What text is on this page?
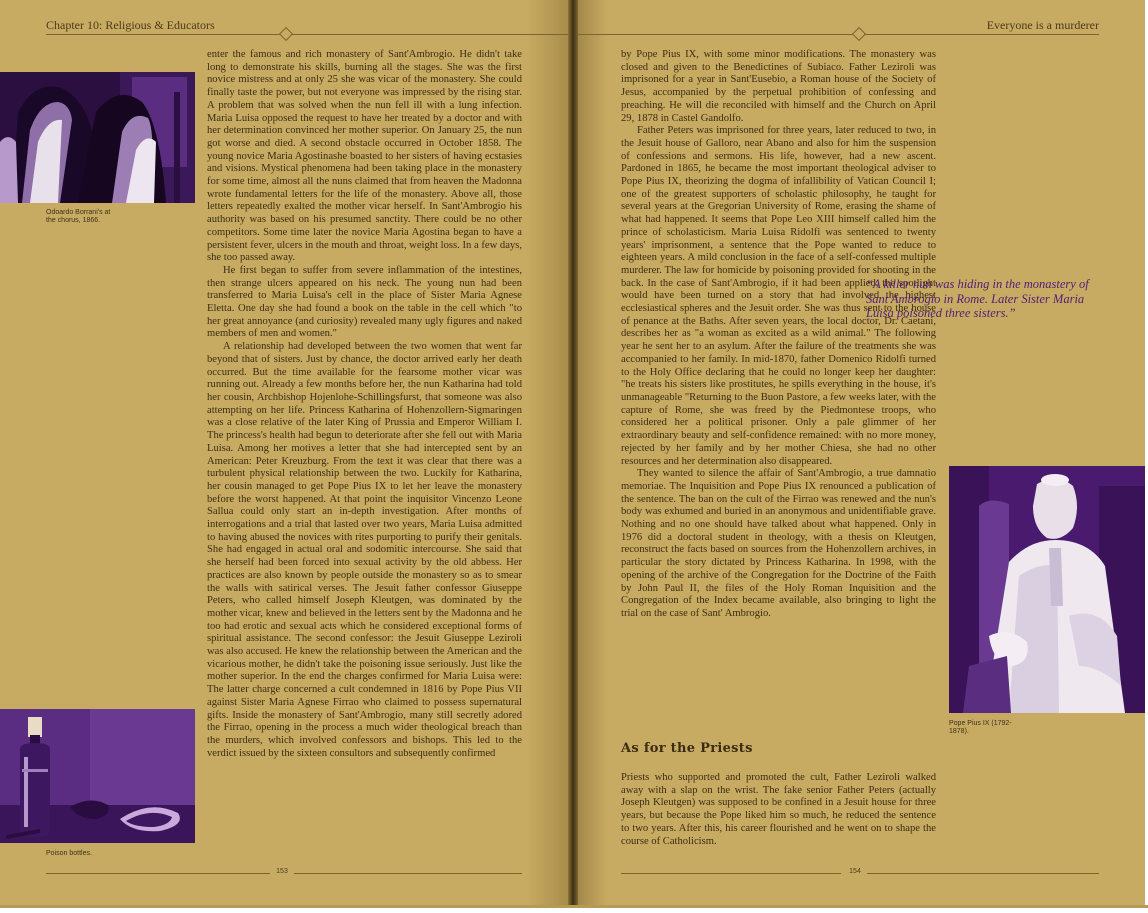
Chapter 10: Religious & Educators
Odoardo Borrani's at the chorus, 1866.
Poison bottles.

enter the famous and rich monastery of Sant'Ambrogio. He didn't take long to demonstrate his skills, burning all the stages. She was the first novice mistress and at only 25 she was vicar of the monastery. She could finally taste the power, but not everyone was impressed by the rising star. A problem that was solved when the nun fell ill with a lung infection. Maria Luisa opposed the request to have her treated by a doctor and with her determination convinced her mother superior. On January 25, the nun got worse and died. A second obstacle occurred in October 1858. The young novice Maria Agostinashe boasted to her sisters of having ecstasies and visions. Mystical phenomena had been taking place in the monastery for some time, almost all the nuns claimed that from heaven the Madonna wrote fundamental letters for the life of the monastery. Above all, those letters repeatedly exalted the mother vicar herself. In Sant'Ambrogio his authority was based on his presumed sanctity. There could be no other competitors. Some time later the novice Maria Agostina began to have a persistent fever, ulcers in the mouth and throat, weight loss. In a few days, she too passed away.

He first began to suffer from severe inflammation of the intestines, then strange ulcers appeared on his neck. The young nun had been transferred to Maria Luisa's cell in the place of Sister Maria Agnese Eletta. One day she had found a book on the table in the cell which "to her great annoyance (and curiosity) revealed many ugly figures and naked members of men and women."

A relationship had developed between the two women that went far beyond that of sisters. Just by chance, the doctor arrived early her death occurred. But the time available for the fearsome mother vicar was running out. Already a few months before her, the nun Katharina had told her cousin, Archbishop Hojenlohe-Schillingsfurst, that someone was also attempting on her life. Princess Katharina of Hohenzollern-Sigmaringen was a close relative of the later King of Prussia and Emperor William I. The princess's health had begun to deteriorate after she fell out with Maria Luisa. Among her motives a letter that she had intercepted sent by an American: Peter Kreuzburg. From the text it was clear that there was a turbulent physical relationship between the two. Luckily for Katharina, her cousin managed to get Pope Pius IX to let her leave the monastery before the worst happened. At that point the inquisitor Vincenzo Leone Sallua could only start an in-depth investigation. After months of interrogations and a trial that lasted over two years, Maria Luisa admitted to having abused the novices with rites purporting to purify their genitals. She had engaged in actual oral and sodomitic intercourse. She said that she herself had been forced into sexual activity by the old abbess. Her practices are also known by people outside the monastery so as to smear the walls with satirical verses. The Jesuit father confessor Giuseppe Peters, who called himself Joseph Kleutgen, was dominated by the mother vicar, knew and believed in the letters sent by the Madonna and he too had erotic and sexual acts which he considered exceptional forms of spiritual assistance. The second confessor: the Jesuit Giuseppe Leziroli was also accused. He knew the relationship between the American and the vicarious mother, he didn't take the poisoning issue seriously. Just like the mother superior. In the end the charges confirmed for Maria Luisa were: The latter charge concerned a cult condemned in 1816 by Pope Pius VII against Sister Maria Agnese Firrao who claimed to possess supernatural gifts. Inside the monastery of Sant'Ambrogio, many still secretly adored the Firrao, opening in the process a much wider theological breach than the murders, which involved confessors and bishops. This led to the verdict issued by the sixteen consultors and subsequently confirmed

153
Everyone is a murderer

by Pope Pius IX, with some minor modifications. The monastery was closed and given to the Benedictines of Subiaco. Father Leziroli was imprisoned for a year in Sant'Eusebio, a Roman house of the Society of Jesus, accompanied by the perpetual prohibition of confessing and preaching. He will die reconciled with himself and the Church on April 29, 1878 in Castel Gandolfo.

Father Peters was imprisoned for three years, later reduced to two, in the Jesuit house of Galloro, near Abano and also for him the suspension of confessions and sermons. His life, however, had a new ascent. Pardoned in 1865, he became the most important theological adviser to Pope Pius IX, theorizing the dogma of infallibility of Vatican Council I; one of the greatest supporters of scholastic philosophy, he taught for several years at the Gregorian University of Rome, erasing the shame of what had happened. It seems that Pope Leo XIII himself called him the prince of scholasticism. Maria Luisa Ridolfi was sentenced to twenty years' imprisonment, a sentence that the Pope wanted to reduce to eighteen years. A mild conclusion in the face of a self-confessed multiple murderer. The law for homicide by poisoning provided for shooting in the back. In the case of Sant'Ambrogio, if it had been applied, the spotlight would have been turned on a story that had involved the highest ecclesiastical spheres and the Jesuit order. She was thus sent to the house of penance at the Baths. After seven years, the local doctor, Dr. Caetani, describes her as "a woman as excited as a wild animal." The following year he sent her to an asylum. After the failure of the treatments she was accompanied to her family. In mid-1870, father Domenico Ridolfi turned to the Holy Office declaring that he could no longer keep her daughter: "he treats his sisters like prostitutes, he spills everything in the house, it's unmanageable "Returning to the Buon Pastore, a few weeks later, with the capture of Rome, she was freed by the Piedmontese troops, who considered her a political prisoner. Only a pale glimmer of her extraordinary beauty and self-confidence remained: with no more money, rejected by her family and by her mother Chiesa, she had no other resources and her determination also disappeared.

They wanted to silence the affair of Sant'Ambrogio, a true damnatio memoriae. The Inquisition and Pope Pius IX renounced a publication of the sentence. The ban on the cult of the Firrao was renewed and the nun's body was exhumed and buried in an anonymous and unidentifiable grave. Nothing and no one should have talked about what happened. Only in 1976 did a doctoral student in theology, with a thesis on Kleutgen, reconstruct the facts based on sources from the Hohenzollern archives, in particular the story dictated by Princess Katharina. In 1998, with the opening of the archive of the Congregation for the Doctrine of the Faith by John Paul II, the files of the Holy Roman Inquisition and the Congregation of the Index became available, also bringing to light the trial on the case of Sant' Ambrogio.

“A killer nun was hiding in the monastery of Sant'Ambrogio in Rome. Later Sister Maria Luisa poisoned three sisters.”
Pope Pius IX (1792-1878).
As for the Priests

Priests who supported and promoted the cult, Father Leziroli walked away with a slap on the wrist. The fake senior Father Peters (actually Joseph Kleutgen) was supposed to be confined in a Jesuit house for three years, but because the Pope liked him so much, he reduced the sentence to two years. After this, his career flourished and he went on to shape the course of Catholicism.

154
